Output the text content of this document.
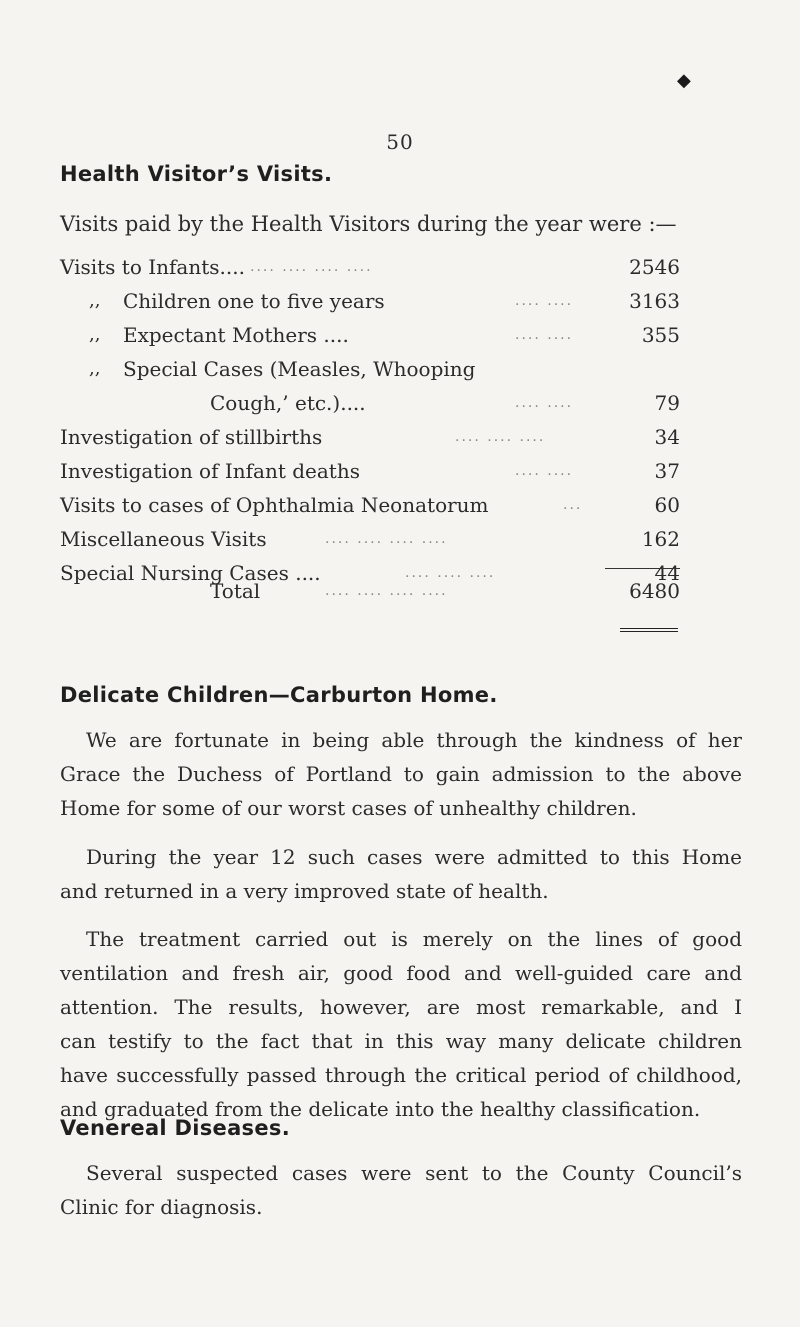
◆
50
Health Visitor’s Visits.
Visits paid by the Health Visitors during the year were :—
Visits to Infants.... .... .... .... ....	2546
,, Children one to five years	.... ....	3163
,, Expectant Mothers ....	.... ....	355
,, Special Cases (Measles, Whooping
Cough,’ etc.)....	.... ....	79
Investigation of stillbirths	.... .... ....	34
Investigation of Infant deaths	.... ....	37
Visits to cases of Ophthalmia Neonatorum	...	60
Miscellaneous Visits	.... .... .... ....	162
Special Nursing Cases ....	.... .... ....	44
Total	.... .... .... ....	6480
Delicate Children—Carburton Home.
We are fortunate in being able through the kindness of her
Grace the Duchess of Portland to gain admission to the above
Home for some of our worst cases of unhealthy children.
During the year 12 such cases were admitted to this Home
and returned in a very improved state of health.
The treatment carried out is merely on the lines of good
ventilation and fresh air, good food and well-guided care and
attention. The results, however, are most remarkable, and I
can testify to the fact that in this way many delicate children
have successfully passed through the critical period of childhood,
and graduated from the delicate into the healthy classification.
Venereal Diseases.
Several suspected cases were sent to the County Council’s
Clinic for diagnosis.
